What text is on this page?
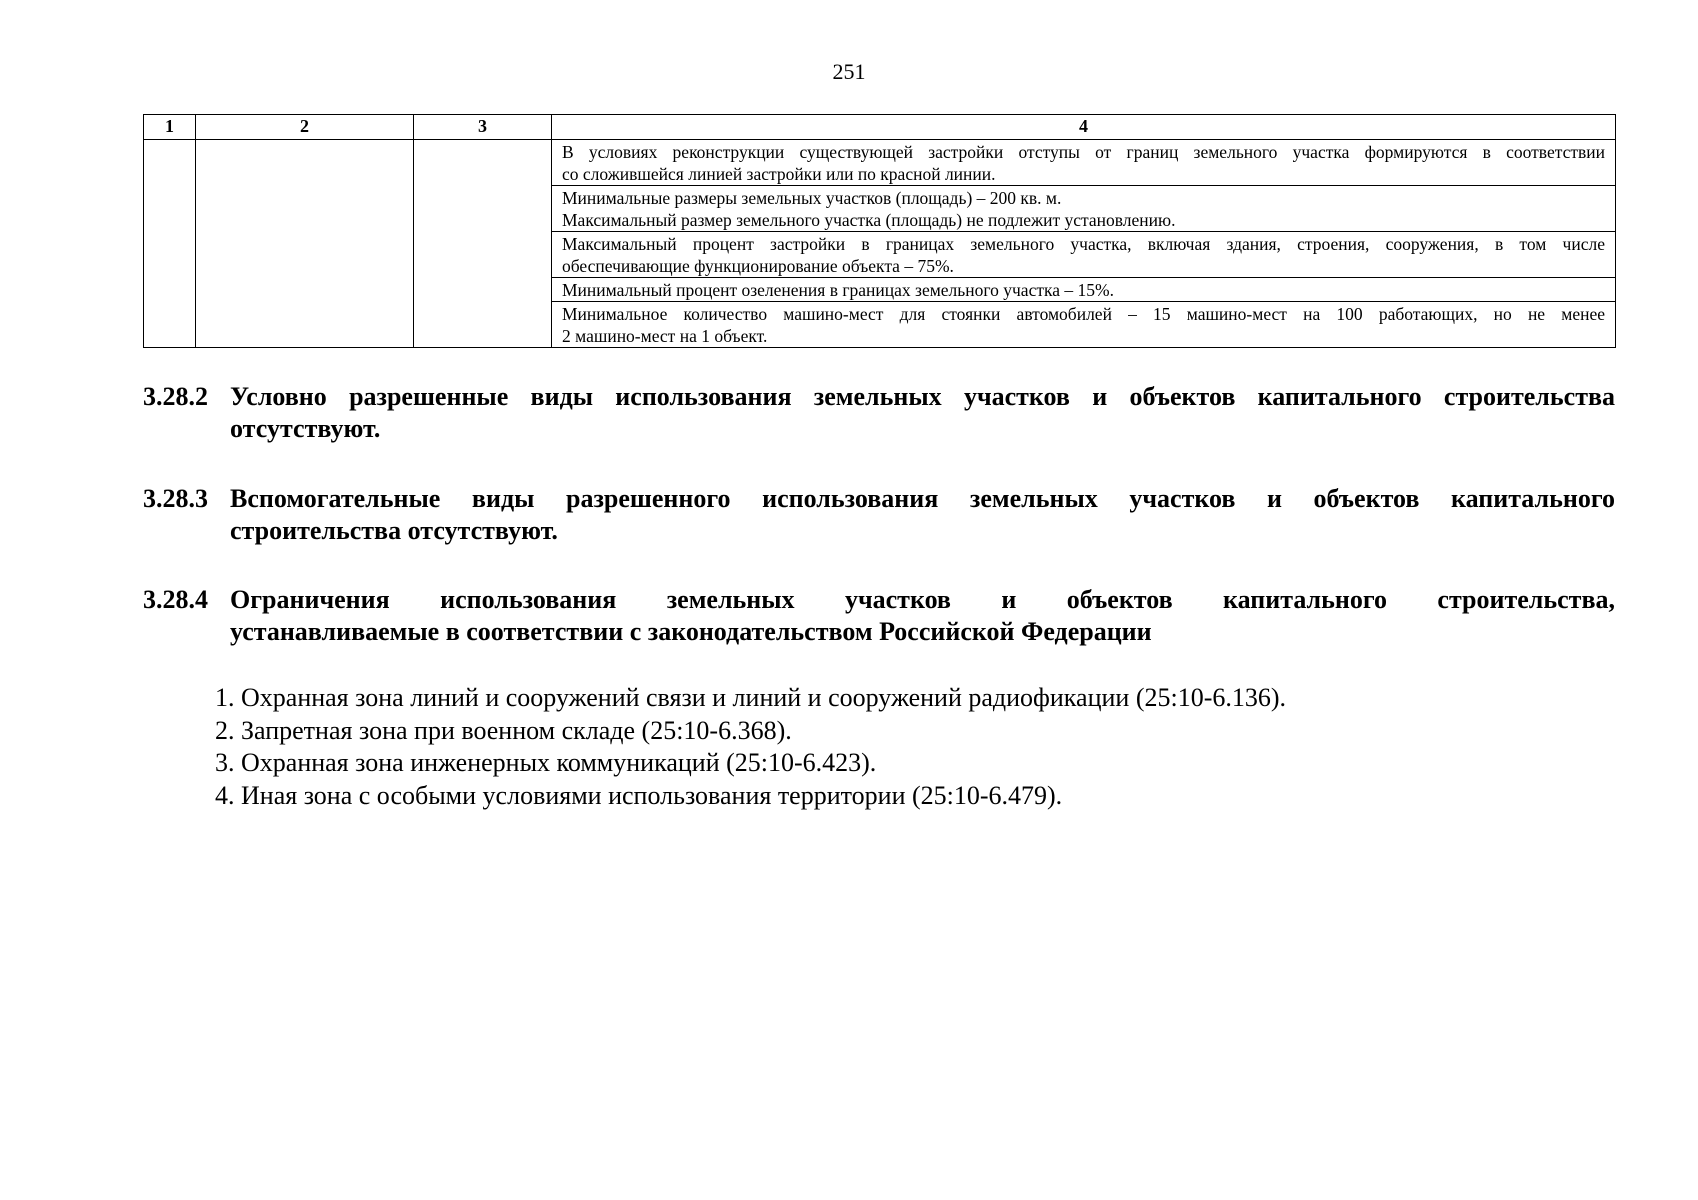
251
1	2	3	4

			В условиях реконструкции существующей застройки отступы от границ земельного участка формируются в соответствии
со сложившейся линией застройки или по красной линии.

			Минимальные размеры земельных участков (площадь) – 200 кв. м.
Максимальный размер земельного участка (площадь) не подлежит установлению.

			Максимальный процент застройки в границах земельного участка, включая здания, строения, сооружения, в том числе
обеспечивающие функционирование объекта – 75%.

			Минимальный процент озеленения в границах земельного участка – 15%.

			Минимальное количество машино-мест для стоянки автомобилей – 15 машино-мест на 100 работающих, но не менее
2 машино-мест на 1 объект.
3.28.2 Условно разрешенные виды использования земельных участков и объектов капитального строительства
отсутствуют.
3.28.3 Вспомогательные виды разрешенного использования земельных участков и объектов капитального
строительства отсутствуют.
3.28.4 Ограничения использования земельных участков и объектов капитального строительства,
устанавливаемые в соответствии с законодательством Российской Федерации
1. Охранная зона линий и сооружений связи и линий и сооружений радиофикации (25:10-6.136).
2. Запретная зона при военном складе (25:10-6.368).
3. Охранная зона инженерных коммуникаций (25:10-6.423).
4. Иная зона с особыми условиями использования территории (25:10-6.479).
